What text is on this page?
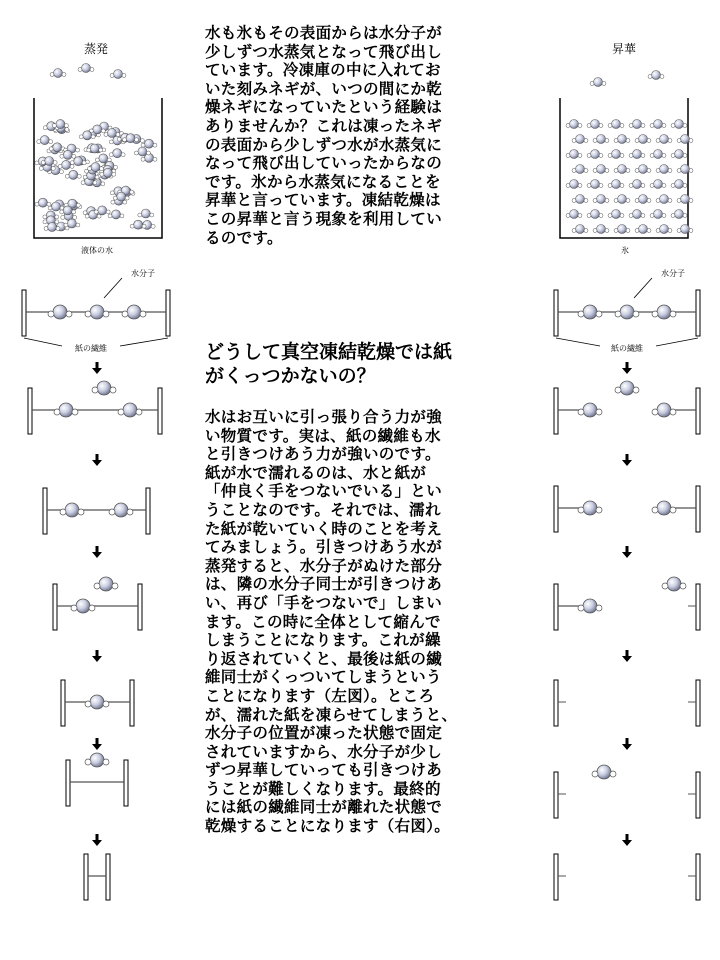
蒸発
液体の水
水分子
紙の繊維
昇華
氷
水分子
紙の繊維
水も氷もその表面からは水分子が
少しずつ水蒸気となって飛び出し
ています。冷凍庫の中に入れてお
いた刻みネギが、いつの間にか乾
燥ネギになっていたという経験は
ありませんか？これは凍ったネギ
の表面から少しずつ水が水蒸気に
なって飛び出していったからなの
です。氷から水蒸気になることを
昇華と言っています。凍結乾燥は
この昇華と言う現象を利用してい
るのです。
どうして真空凍結乾燥では紙
がくっつかないの？
水はお互いに引っ張り合う力が強
い物質です。実は、紙の繊維も水
と引きつけあう力が強いのです。
紙が水で濡れるのは、水と紙が
「仲良く手をつないでいる」とい
うことなのです。それでは、濡れ
た紙が乾いていく時のことを考え
てみましょう。引きつけあう水が
蒸発すると、水分子がぬけた部分
は、隣の水分子同士が引きつけあ
い、再び「手をつないで」しまい
ます。この時に全体として縮んで
しまうことになります。これが繰
り返されていくと、最後は紙の繊
維同士がくっついてしまうという
ことになります（左図）。ところ
が、濡れた紙を凍らせてしまうと、
水分子の位置が凍った状態で固定
されていますから、水分子が少し
ずつ昇華していっても引きつけあ
うことが難しくなります。最終的
には紙の繊維同士が離れた状態で
乾燥することになります（右図）。
